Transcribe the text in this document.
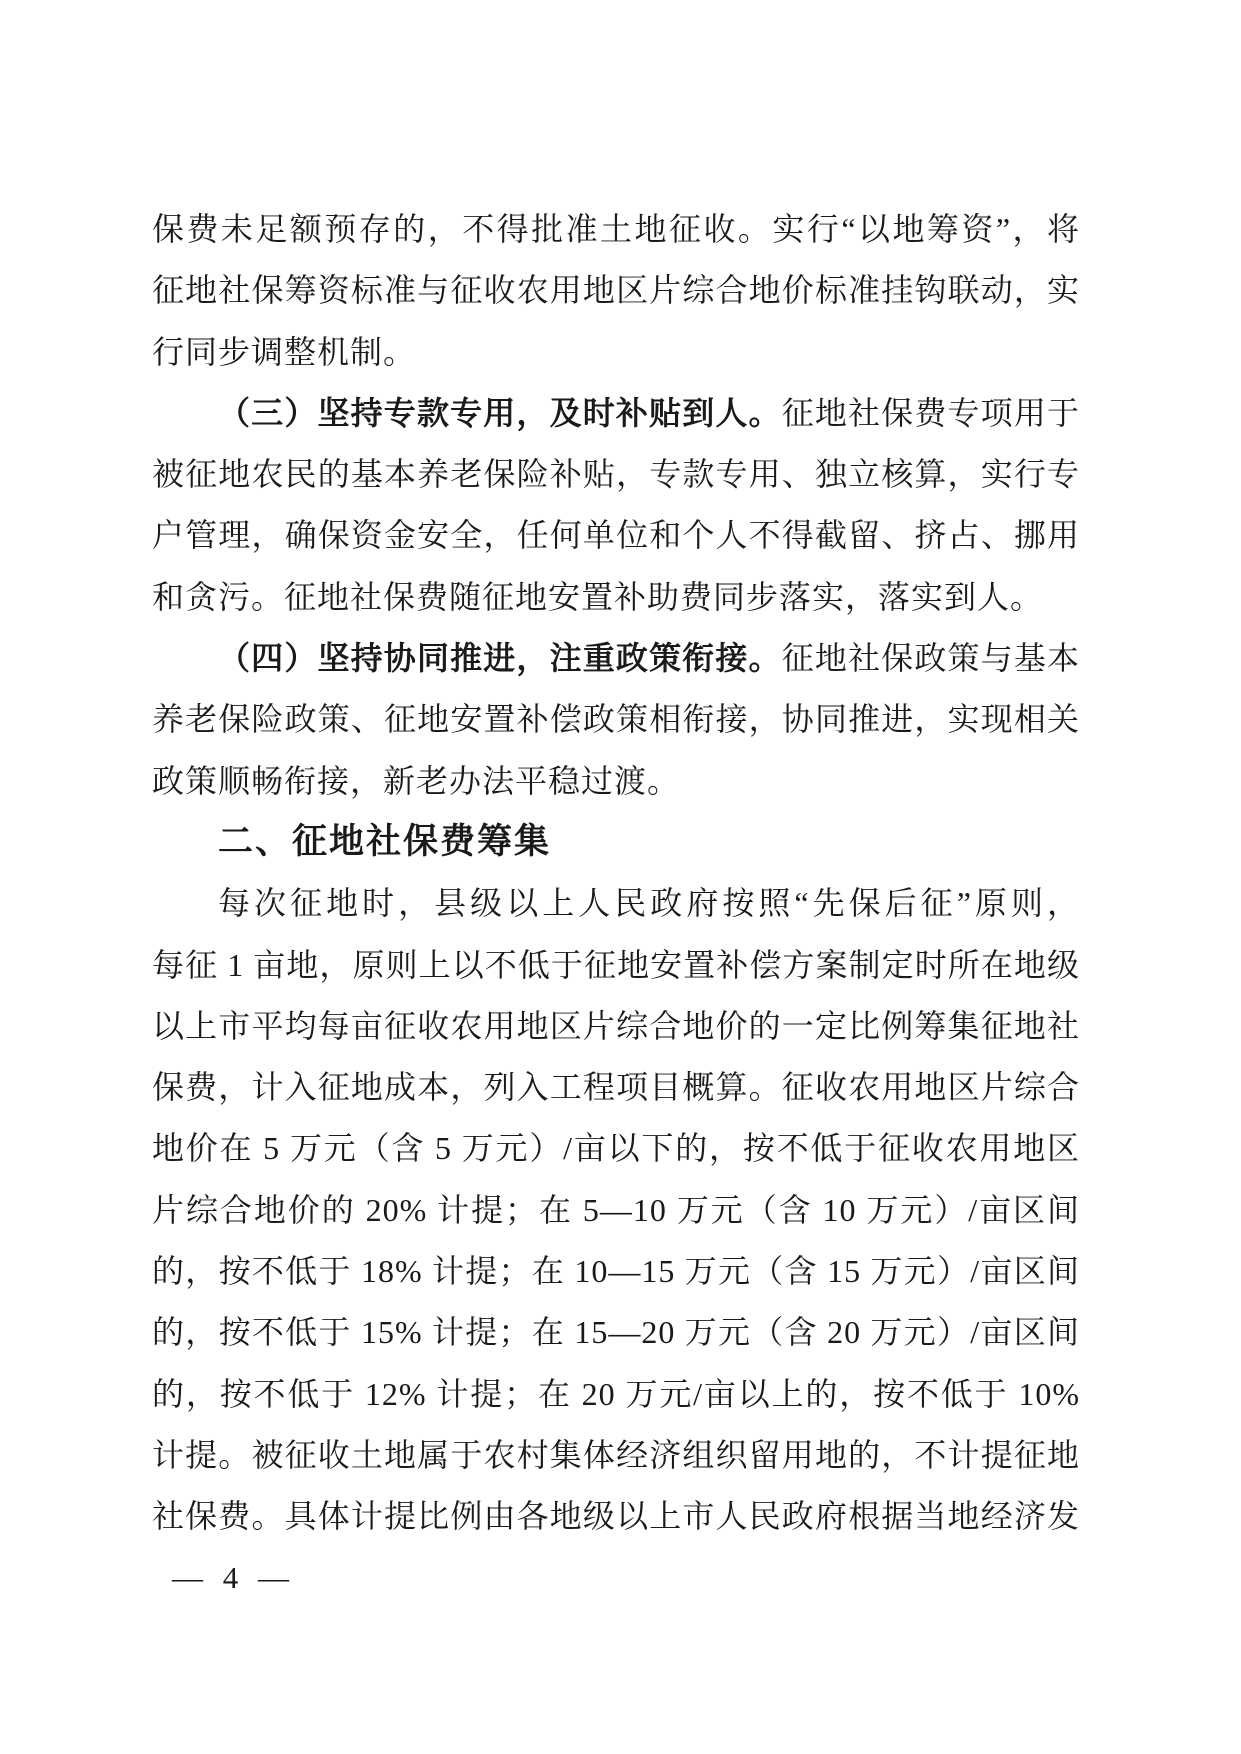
保费未足额预存的，不得批准土地征收。实行“以地筹资”，将
征地社保筹资标准与征收农用地区片综合地价标准挂钩联动，实
行同步调整机制。
（三）坚持专款专用，及时补贴到人。征地社保费专项用于
被征地农民的基本养老保险补贴，专款专用、独立核算，实行专
户管理，确保资金安全，任何单位和个人不得截留、挤占、挪用
和贪污。征地社保费随征地安置补助费同步落实，落实到人。
（四）坚持协同推进，注重政策衔接。征地社保政策与基本
养老保险政策、征地安置补偿政策相衔接，协同推进，实现相关
政策顺畅衔接，新老办法平稳过渡。
二、征地社保费筹集
每次征地时，县级以上人民政府按照“先保后征”原则，
每征 1 亩地，原则上以不低于征地安置补偿方案制定时所在地级
以上市平均每亩征收农用地区片综合地价的一定比例筹集征地社
保费，计入征地成本，列入工程项目概算。征收农用地区片综合
地价在 5 万元（含 5 万元）/亩以下的，按不低于征收农用地区
片综合地价的 20% 计提；在 5—10 万元（含 10 万元）/亩区间
的，按不低于 18% 计提；在 10—15 万元（含 15 万元）/亩区间
的，按不低于 15% 计提；在 15—20 万元（含 20 万元）/亩区间
的，按不低于 12% 计提；在 20 万元/亩以上的，按不低于 10%
计提。被征收土地属于农村集体经济组织留用地的，不计提征地
社保费。具体计提比例由各地级以上市人民政府根据当地经济发
— 4 —
